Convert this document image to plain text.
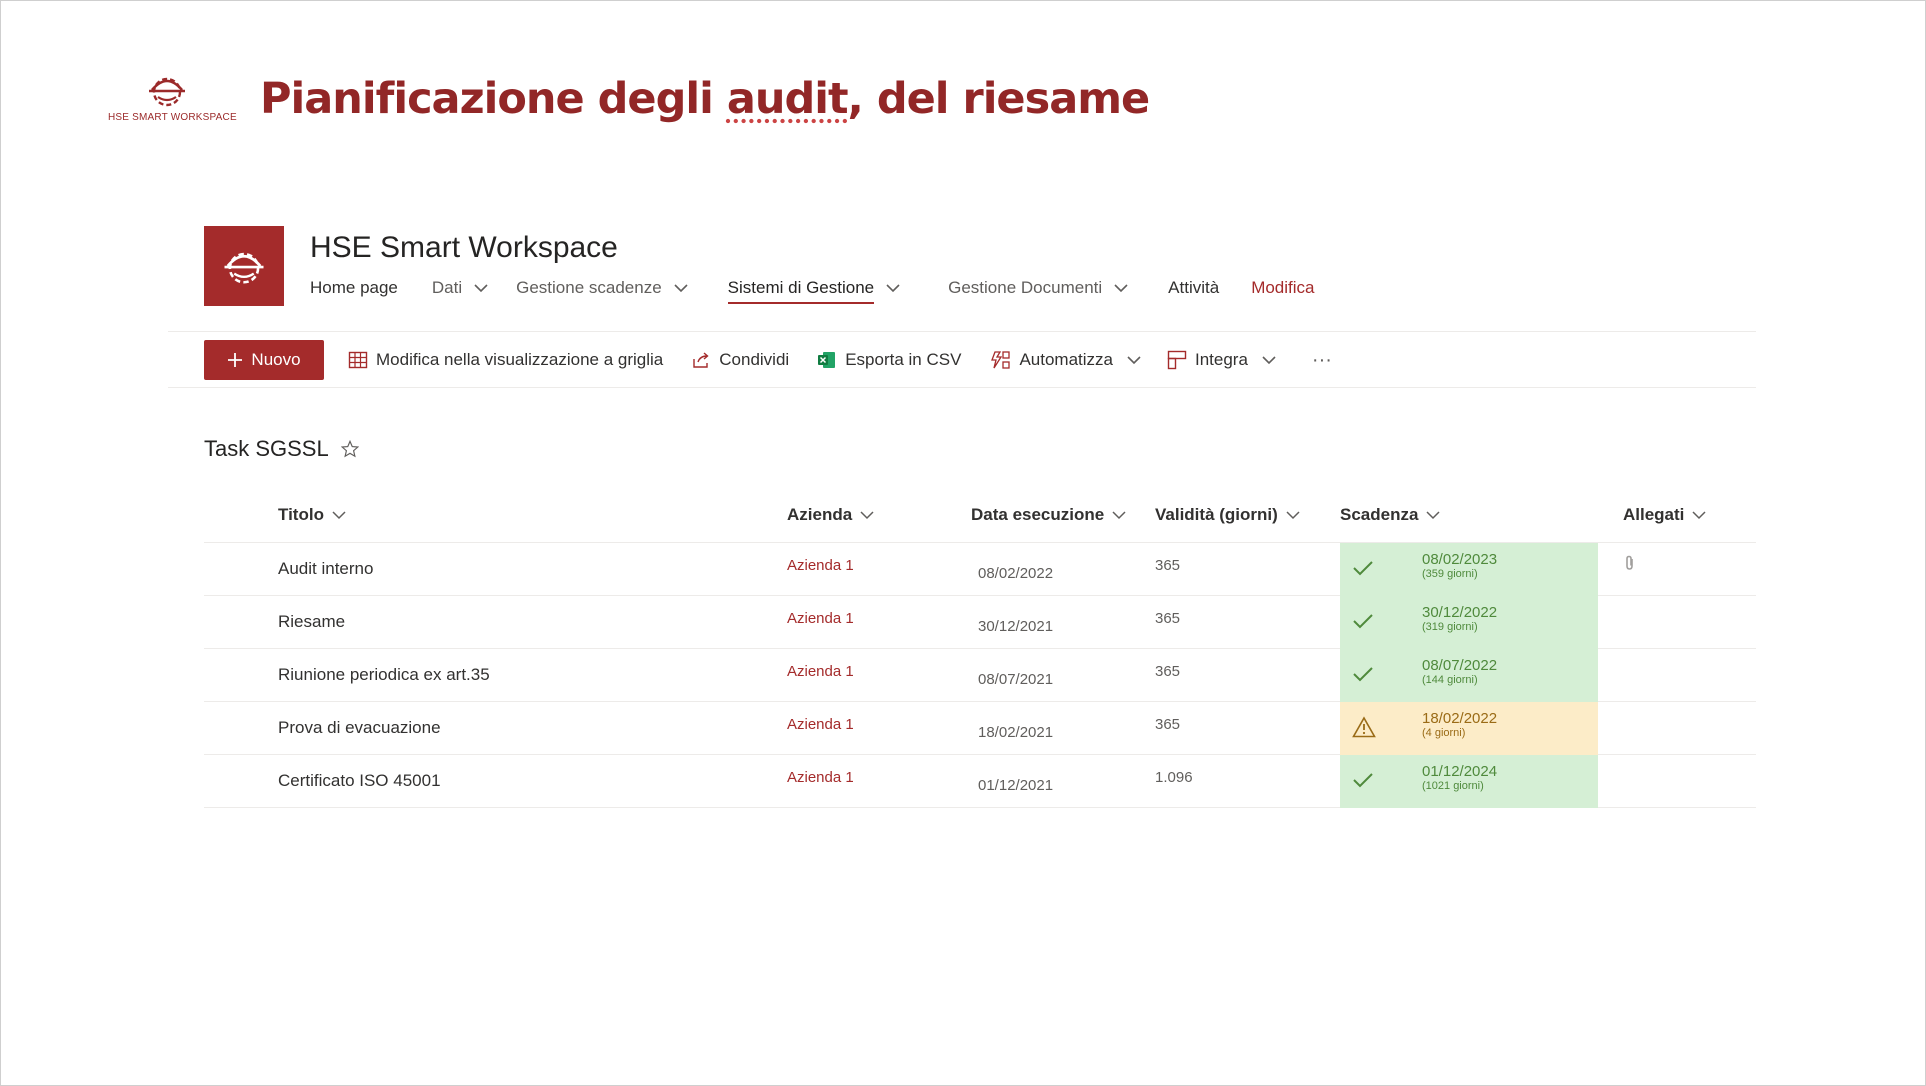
HSE SMART WORKSPACE Pianificazione degli audit, del riesame
HSE Smart Workspace
Home page Dati	Gestione scadenze	Sistemi di Gestione	Gestione Documenti	Attività Modifica
Nuovo	Modifica nella visualizzazione a griglia	Condividi	Esporta in CSV	Automatizza	Integra	···
Task SGSSL
Titolo	Azienda	Data esecuzione	Validità (giorni)	Scadenza	Allegati
Audit interno	Azienda 1	08/02/2022	365	08/02/2023
(359 giorni)
Riesame	Azienda 1	30/12/2021	365	30/12/2022
(319 giorni)
Riunione periodica ex art.35	Azienda 1	08/07/2021	365	08/07/2022
(144 giorni)
Prova di evacuazione	Azienda 1	18/02/2021	365	18/02/2022
(4 giorni)
Certificato ISO 45001	Azienda 1	01/12/2021	1.096	01/12/2024
(1021 giorni)
